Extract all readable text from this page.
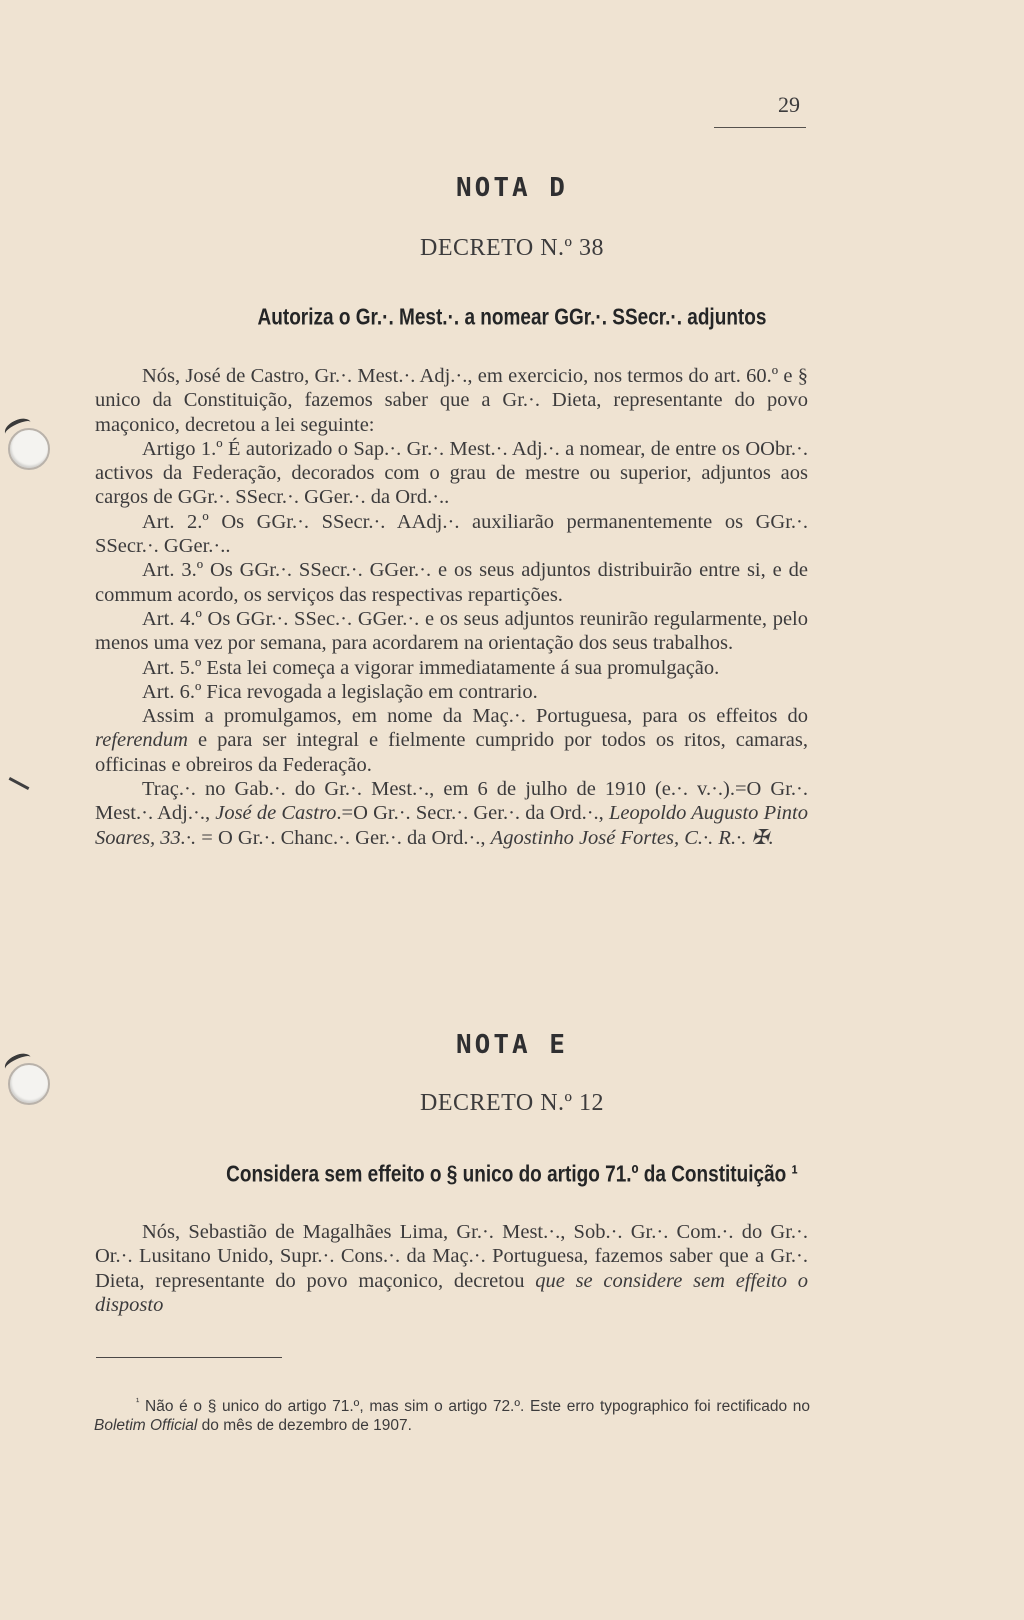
29
NOTA D
DECRETO N.º 38
Autoriza o Gr.·. Mest.·. a nomear GGr.·. SSecr.·. adjuntos

Nós, José de Castro, Gr.·. Mest.·. Adj.·., em exercicio, nos termos do art. 60.º e § unico da Constituição, fazemos saber que a Gr.·. Dieta, representante do povo maçonico, decretou a lei seguinte:

Artigo 1.º É autorizado o Sap.·. Gr.·. Mest.·. Adj.·. a nomear, de entre os OObr.·. activos da Federação, decorados com o grau de mestre ou superior, adjuntos aos cargos de GGr.·. SSecr.·. GGer.·. da Ord.·..

Art. 2.º Os GGr.·. SSecr.·. AAdj.·. auxiliarão permanentemente os GGr.·. SSecr.·. GGer.·..

Art. 3.º Os GGr.·. SSecr.·. GGer.·. e os seus adjuntos distribuirão entre si, e de commum acordo, os serviços das respectivas repartições.

Art. 4.º Os GGr.·. SSec.·. GGer.·. e os seus adjuntos reunirão regularmente, pelo menos uma vez por semana, para acordarem na orientação dos seus trabalhos.

Art. 5.º Esta lei começa a vigorar immediatamente á sua promulgação.

Art. 6.º Fica revogada a legislação em contrario.

Assim a promulgamos, em nome da Maç.·. Portuguesa, para os effeitos do referendum e para ser integral e fielmente cumprido por todos os ritos, camaras, officinas e obreiros da Federação.

Traç.·. no Gab.·. do Gr.·. Mest.·., em 6 de julho de 1910 (e.·. v.·.).=O Gr.·. Mest.·. Adj.·., José de Castro.=O Gr.·. Secr.·. Ger.·. da Ord.·., Leopoldo Augusto Pinto Soares, 33.·. = O Gr.·. Chanc.·. Ger.·. da Ord.·., Agostinho José Fortes, C.·. R.·. ✠.

NOTA E
DECRETO N.º 12
Considera sem effeito o § unico do artigo 71.º da Constituição ¹

Nós, Sebastião de Magalhães Lima, Gr.·. Mest.·., Sob.·. Gr.·. Com.·. do Gr.·. Or.·. Lusitano Unido, Supr.·. Cons.·. da Maç.·. Portuguesa, fazemos saber que a Gr.·. Dieta, representante do povo maçonico, decretou que se considere sem effeito o disposto

$^{^1}$ Não é o § unico do artigo 71.º, mas sim o artigo 72.º. Este erro typographico foi rectificado no Boletim Official do mês de dezembro de 1907.
